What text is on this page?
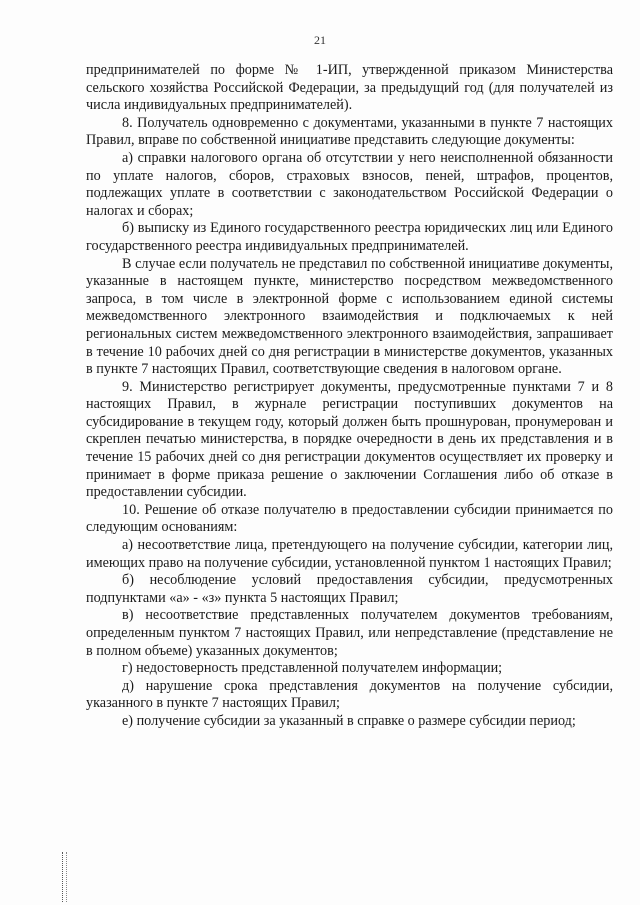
21

предпринимателей по форме № 1-ИП, утвержденной приказом Министерства сельского хозяйства Российской Федерации, за предыдущий год (для получателей из числа индивидуальных предпринимателей).

8. Получатель одновременно с документами, указанными в пункте 7 настоящих Правил, вправе по собственной инициативе представить следующие документы:

а) справки налогового органа об отсутствии у него неисполненной обязанности по уплате налогов, сборов, страховых взносов, пеней, штрафов, процентов, подлежащих уплате в соответствии с законодательством Российской Федерации о налогах и сборах;

б) выписку из Единого государственного реестра юридических лиц или Единого государственного реестра индивидуальных предпринимателей.

В случае если получатель не представил по собственной инициативе документы, указанные в настоящем пункте, министерство посредством межведомственного запроса, в том числе в электронной форме с использованием единой системы межведомственного электронного взаимодействия и подключаемых к ней региональных систем межведомственного электронного взаимодействия, запрашивает в течение 10 рабочих дней со дня регистрации в министерстве документов, указанных в пункте 7 настоящих Правил, соответствующие сведения в налоговом органе.

9. Министерство регистрирует документы, предусмотренные пунктами 7 и 8 настоящих Правил, в журнале регистрации поступивших документов на субсидирование в текущем году, который должен быть прошнурован, пронумерован и скреплен печатью министерства, в порядке очередности в день их представления и в течение 15 рабочих дней со дня регистрации документов осуществляет их проверку и принимает в форме приказа решение о заключении Соглашения либо об отказе в предоставлении субсидии.

10. Решение об отказе получателю в предоставлении субсидии принимается по следующим основаниям:

а) несоответствие лица, претендующего на получение субсидии, категории лиц, имеющих право на получение субсидии, установленной пунктом 1 настоящих Правил;

б) несоблюдение условий предоставления субсидии, предусмотренных подпунктами «а» - «з» пункта 5 настоящих Правил;

в) несоответствие представленных получателем документов требованиям, определенным пунктом 7 настоящих Правил, или непредставление (представление не в полном объеме) указанных документов;

г) недостоверность представленной получателем информации;

д) нарушение срока представления документов на получение субсидии, указанного в пункте 7 настоящих Правил;

е) получение субсидии за указанный в справке о размере субсидии период;
